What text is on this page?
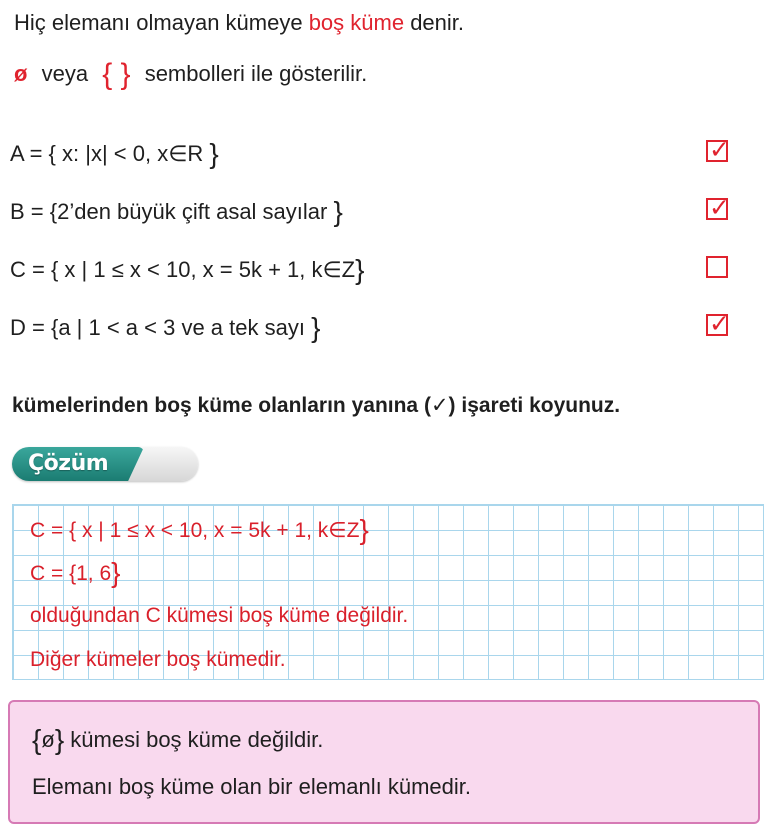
Hiç elemanı olmayan kümeye boş küme denir.
ø veya { } sembolleri ile gösterilir.
A = { x: |x| < 0, x∈R }	✓
B = {2’den büyük çift asal sayılar }	✓
C = { x | 1 ≤ x < 10, x = 5k + 1, k∈Z}
D = {a | 1 < a < 3 ve a tek sayı }	✓
kümelerinden boş küme olanların yanına (✓) işareti koyunuz.
Çözüm
C = { x | 1 ≤ x < 10, x = 5k + 1, k∈Z}
C = {1, 6}
olduğundan C kümesi boş küme değildir.
Diğer kümeler boş kümedir.
{ø} kümesi boş küme değildir.
Elemanı boş küme olan bir elemanlı kümedir.
